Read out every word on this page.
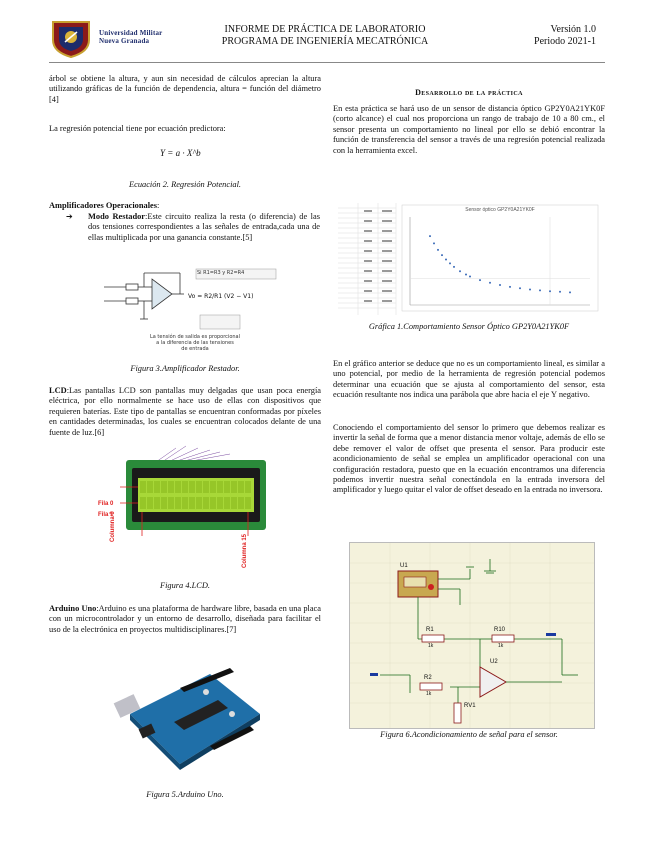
Universidad Militar
Nueva Granada
INFORME DE PRÁCTICA DE LABORATORIO
PROGRAMA DE INGENIERÍA MECATRÓNICA
Versión 1.0
Periodo 2021-1

árbol se obtiene la altura, y aun sin necesidad de cálculos aprecian la altura utilizando gráficas de la función de dependencia, altura = función del diámetro [4]

La regresión potencial tiene por ecuación predictora:

Y = a · X^b
Ecuación 2. Regresión Potencial.
Amplificadores Operacionales:
➔ Modo Restador:Este circuito realiza la resta (o diferencia) de las dos tensiones correspondientes a las señales de entrada,cada una de ellas multiplicada por una ganancia constante.[5]
Vo = R2/R1 (V2 − V1)
Si R1=R3 y R2=R4
La tensión de salida es proporcional
a la diferencia de las tensiones
de entrada
Figura 3.Amplificador Restador.

LCD:Las pantallas LCD son pantallas muy delgadas que usan poca energía eléctrica, por ello normalmente se hace uso de ellas con dispositivos que requieren baterías. Este tipo de pantallas se encuentran conformadas por píxeles en cantidades determinadas, los cuales se encuentran colocados delante de una fuente de luz.[6]

Fila 0
Fila 1
Columna 0
Columna 15
Figura 4.LCD.

Arduino Uno:Arduino es una plataforma de hardware libre, basada en una placa con un microcontrolador y un entorno de desarrollo, diseñada para facilitar el uso de la electrónica en proyectos multidisciplinares.[7]

Figura 5.Arduino Uno.
Desarrollo de la práctica

En esta práctica se hará uso de un sensor de distancia óptico GP2Y0A21YK0F (corto alcance) el cual nos proporciona un rango de trabajo de 10 a 80 cm., el sensor presenta un comportamiento no lineal por ello se debió encontrar la función de transferencia del sensor a través de una regresión potencial realizada con la herramienta excel.

Sensor óptico GP2Y0A21YK0F
Gráfica 1.Comportamiento Sensor Óptico GP2Y0A21YK0F

En el gráfico anterior se deduce que no es un comportamiento lineal, es similar a uno potencial, por medio de la herramienta de regresión potencial podemos determinar una ecuación que se ajusta al comportamiento del sensor, esta ecuación resultante nos indica una parábola que abre hacia el eje Y negativo.

Conociendo el comportamiento del sensor lo primero que debemos realizar es invertir la señal de forma que a menor distancia menor voltaje, además de ello se debe remover el valor de offset que presenta el sensor. Para producir este acondicionamiento de señal se emplea un amplificador operacional con una configuración restadora, puesto que en la ecuación encontramos una diferencia podemos invertir nuestra señal conectándola en la entrada inversora del amplificador y luego quitar el valor de offset deseado en la entrada no inversora.

U1
R1
1k
R10
1k
U2
R2
1k
RV1
Figura 6.Acondicionamiento de señal para el sensor.
